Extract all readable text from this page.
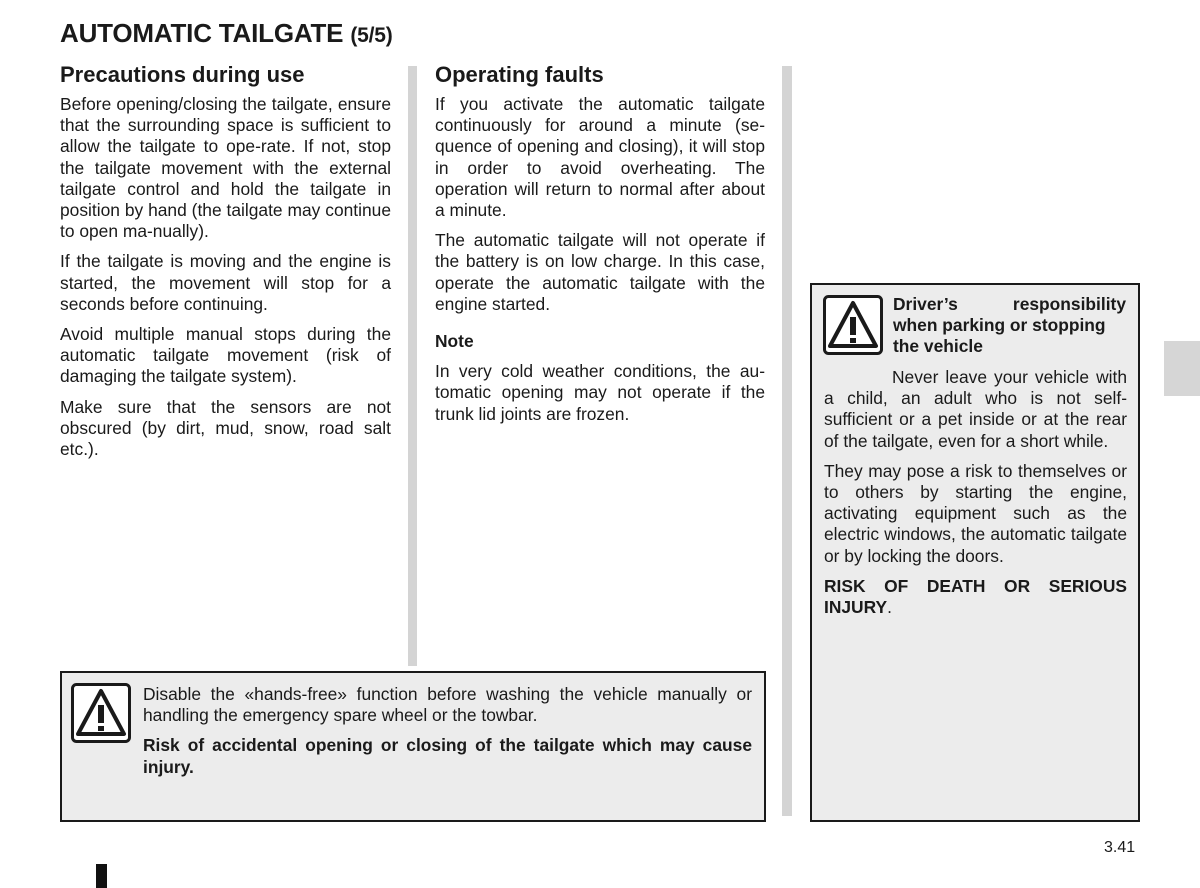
AUTOMATIC TAILGATE (5/5)
Precautions during use

Before opening/closing the tailgate, ensure that the surrounding space is sufficient to allow the tailgate to ope-rate. If not, stop the tailgate movement with the external tailgate control and hold the tailgate in position by hand (the tailgate may continue to open ma-nually).

If the tailgate is moving and the engine is started, the movement will stop for a seconds before continuing.

Avoid multiple manual stops during the automatic tailgate movement (risk of damaging the tailgate system).

Make sure that the sensors are not obscured (by dirt, mud, snow, road salt etc.).

Operating faults

If you activate the automatic tailgate continuously for around a minute (se-quence of opening and closing), it will stop in order to avoid overheating. The operation will return to normal after about a minute.

The automatic tailgate will not operate if the battery is on low charge. In this case, operate the automatic tailgate with the engine started.

Note

In very cold weather conditions, the au-tomatic opening may not operate if the trunk lid joints are frozen.

Disable the «hands-free» function before washing the vehicle manually or handling the emergency spare wheel or the towbar.

Risk of accidental opening or closing of the tailgate which may cause injury.

Driver’s responsibility
when parking or stopping
the vehicle

Never leave your vehicle with a child, an adult who is not self-sufficient or a pet inside or at the rear of the tailgate, even for a short while.

They may pose a risk to themselves or to others by starting the engine, activating equipment such as the electric windows, the automatic tailgate or by locking the doors.

RISK OF DEATH OR SERIOUS INJURY.

3.41
